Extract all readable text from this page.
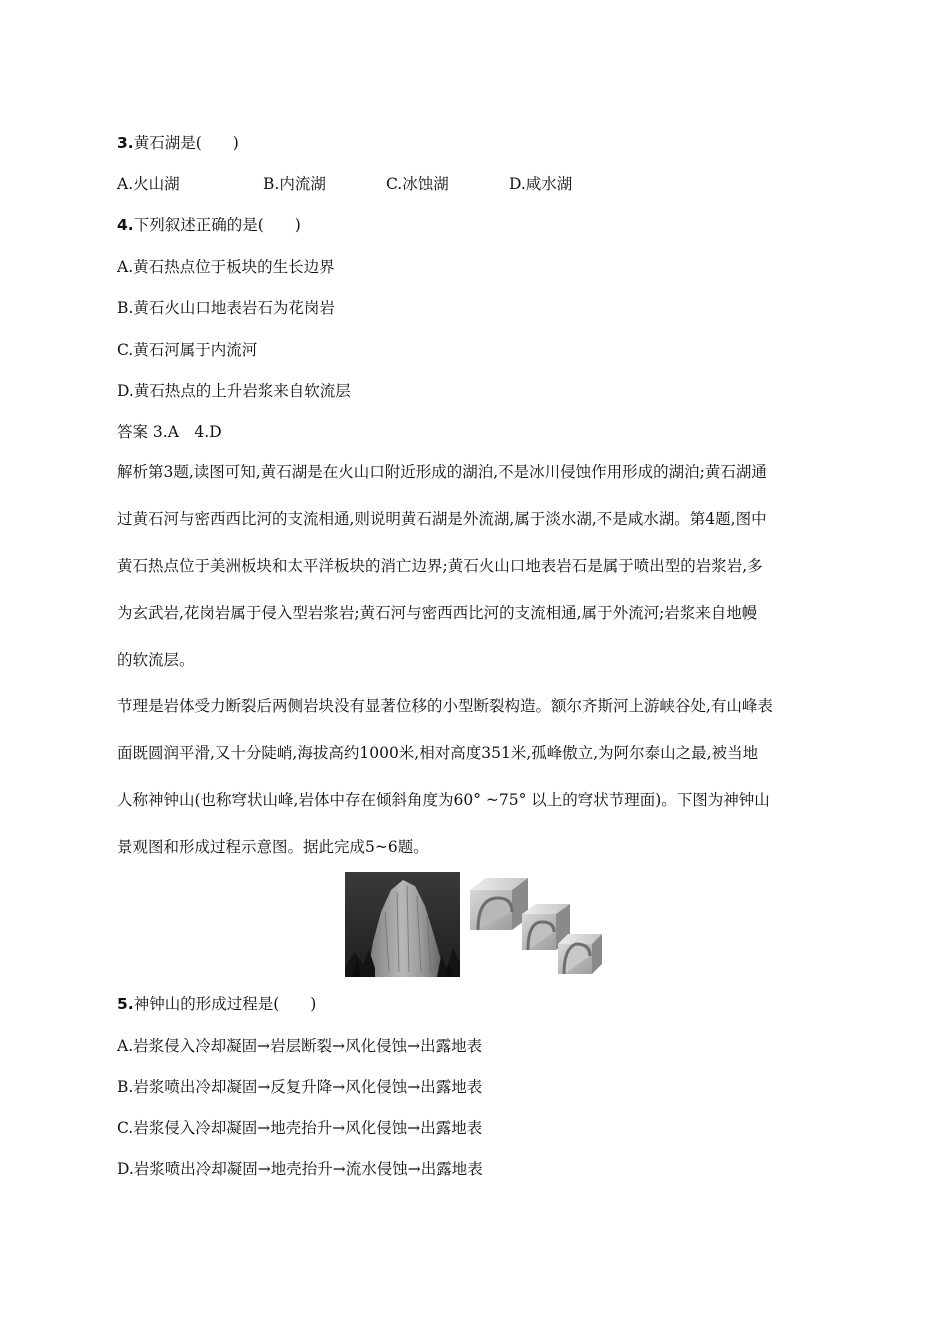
3.黄石湖是(　　)
A.火山湖	B.内流湖	C.冰蚀湖	D.咸水湖
4.下列叙述正确的是(　　)
A.黄石热点位于板块的生长边界
B.黄石火山口地表岩石为花岗岩
C.黄石河属于内流河
D.黄石热点的上升岩浆来自软流层
答案 3.A　4.D
解析第3题,读图可知,黄石湖是在火山口附近形成的湖泊,不是冰川侵蚀作用形成的湖泊;黄石湖通
过黄石河与密西西比河的支流相通,则说明黄石湖是外流湖,属于淡水湖,不是咸水湖。第4题,图中
黄石热点位于美洲板块和太平洋板块的消亡边界;黄石火山口地表岩石是属于喷出型的岩浆岩,多
为玄武岩,花岗岩属于侵入型岩浆岩;黄石河与密西西比河的支流相通,属于外流河;岩浆来自地幔
的软流层。
节理是岩体受力断裂后两侧岩块没有显著位移的小型断裂构造。额尔齐斯河上游峡谷处,有山峰表
面既圆润平滑,又十分陡峭,海拔高约1000米,相对高度351米,孤峰傲立,为阿尔泰山之最,被当地
人称神钟山(也称穹状山峰,岩体中存在倾斜角度为60° ~75° 以上的穹状节理面)。下图为神钟山
景观图和形成过程示意图。据此完成5~6题。
5.神钟山的形成过程是(　　)
A.岩浆侵入冷却凝固→岩层断裂→风化侵蚀→出露地表
B.岩浆喷出冷却凝固→反复升降→风化侵蚀→出露地表
C.岩浆侵入冷却凝固→地壳抬升→风化侵蚀→出露地表
D.岩浆喷出冷却凝固→地壳抬升→流水侵蚀→出露地表
